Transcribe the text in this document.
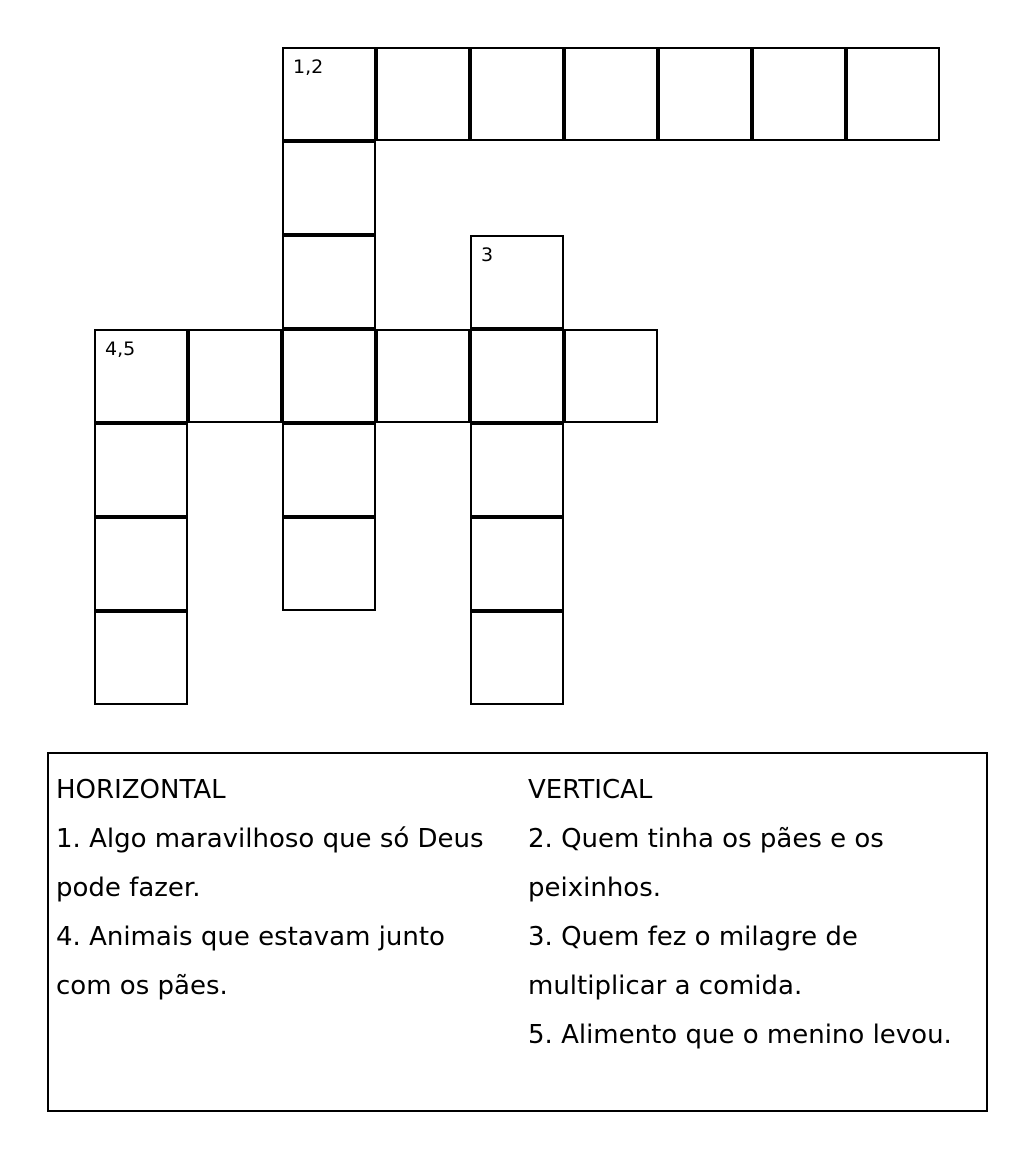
1,2
3
4,5
HORIZONTAL
1. Algo maravilhoso que só Deus pode fazer.
4. Animais que estavam junto com os pães.
VERTICAL
2. Quem tinha os pães e os peixinhos.
3. Quem fez o milagre de multiplicar a comida.
5. Alimento que o menino levou.
